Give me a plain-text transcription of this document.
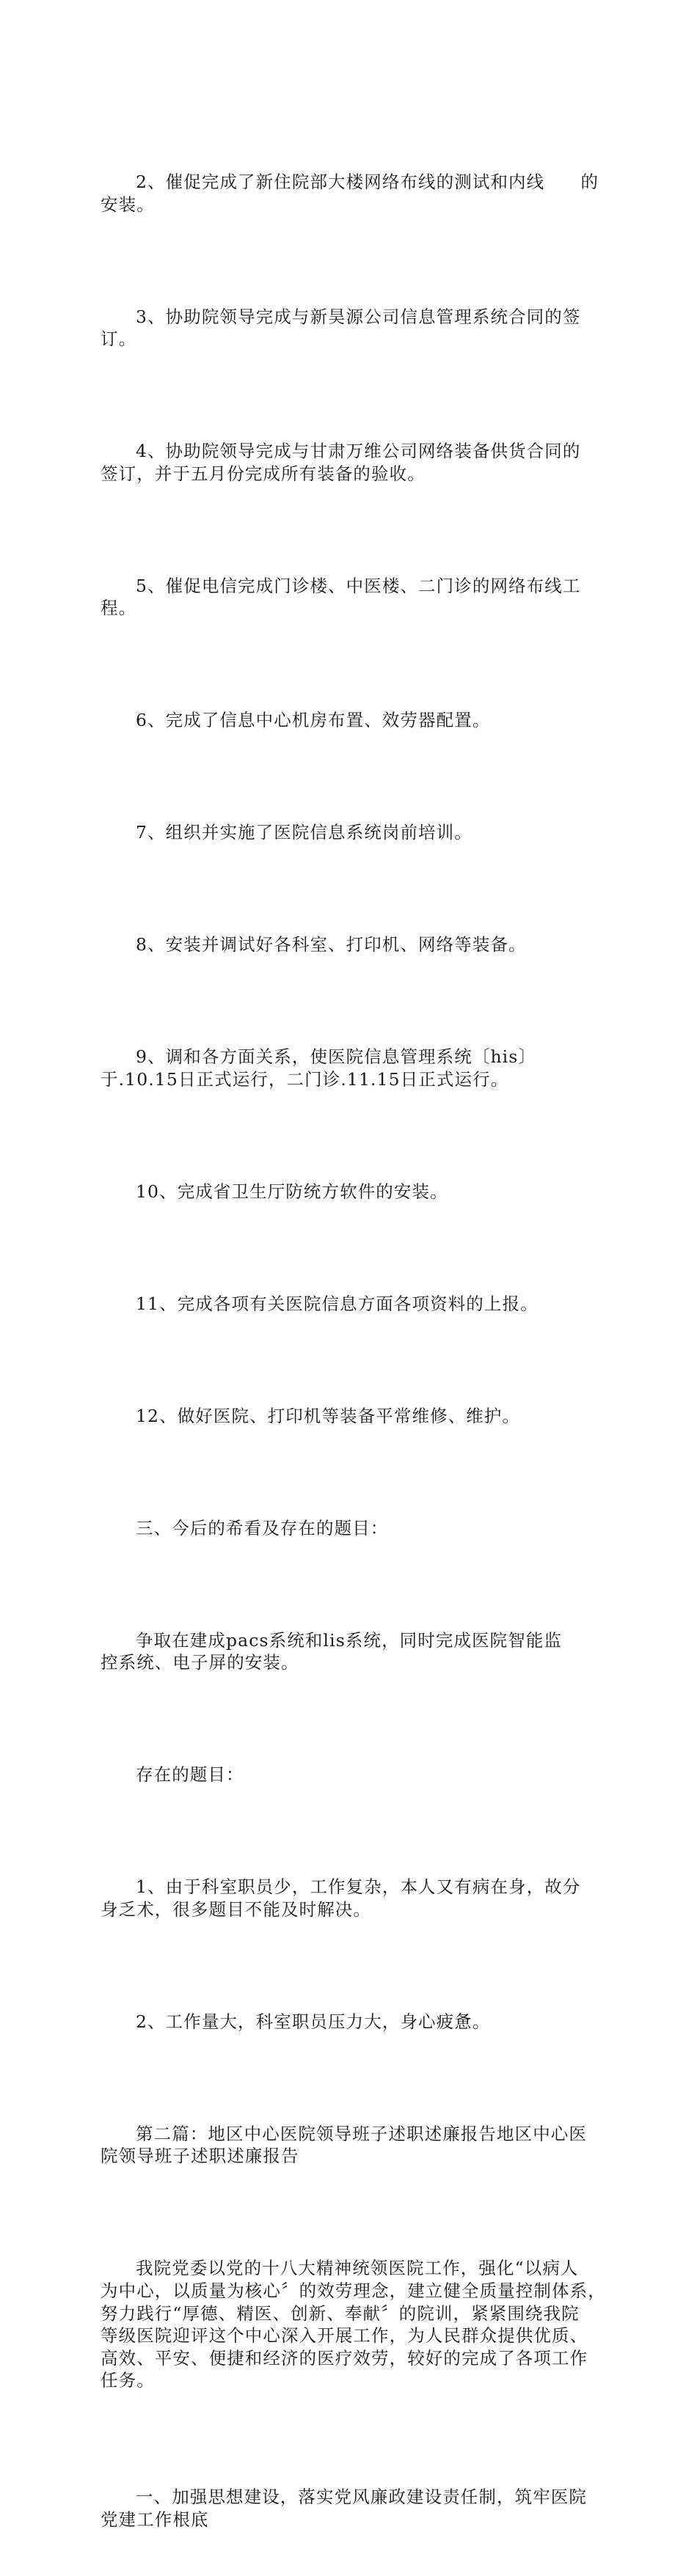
2、催促完成了新住院部大楼网络布线的测试和内线　　的
安装。

3、协助院领导完成与新昊源公司信息管理系统合同的签
订。

4、协助院领导完成与甘肃万维公司网络装备供货合同的
签订，并于五月份完成所有装备的验收。

5、催促电信完成门诊楼、中医楼、二门诊的网络布线工
程。

6、完成了信息中心机房布置、效劳器配置。

7、组织并实施了医院信息系统岗前培训。

8、安装并调试好各科室、打印机、网络等装备。

9、调和各方面关系，使医院信息管理系统〔his〕
于.10.15日正式运行，二门诊.11.15日正式运行。

10、完成省卫生厅防统方软件的安装。

11、完成各项有关医院信息方面各项资料的上报。

12、做好医院、打印机等装备平常维修、维护。

三、今后的希看及存在的题目：

争取在建成pacs系统和lis系统，同时完成医院智能监
控系统、电子屏的安装。

存在的题目：

1、由于科室职员少，工作复杂，本人又有病在身，故分
身乏术，很多题目不能及时解决。

2、工作量大，科室职员压力大，身心疲惫。

第二篇：地区中心医院领导班子述职述廉报告地区中心医
院领导班子述职述廉报告

我院党委以党的十八大精神统领医院工作，强化“以病人
为中心，以质量为核心〞的效劳理念，建立健全质量控制体系，
努力践行“厚德、精医、创新、奉献〞的院训，紧紧围绕我院
等级医院迎评这个中心深入开展工作，为人民群众提供优质、
高效、平安、便捷和经济的医疗效劳，较好的完成了各项工作
任务。

一、加强思想建设，落实党风廉政建设责任制，筑牢医院
党建工作根底
